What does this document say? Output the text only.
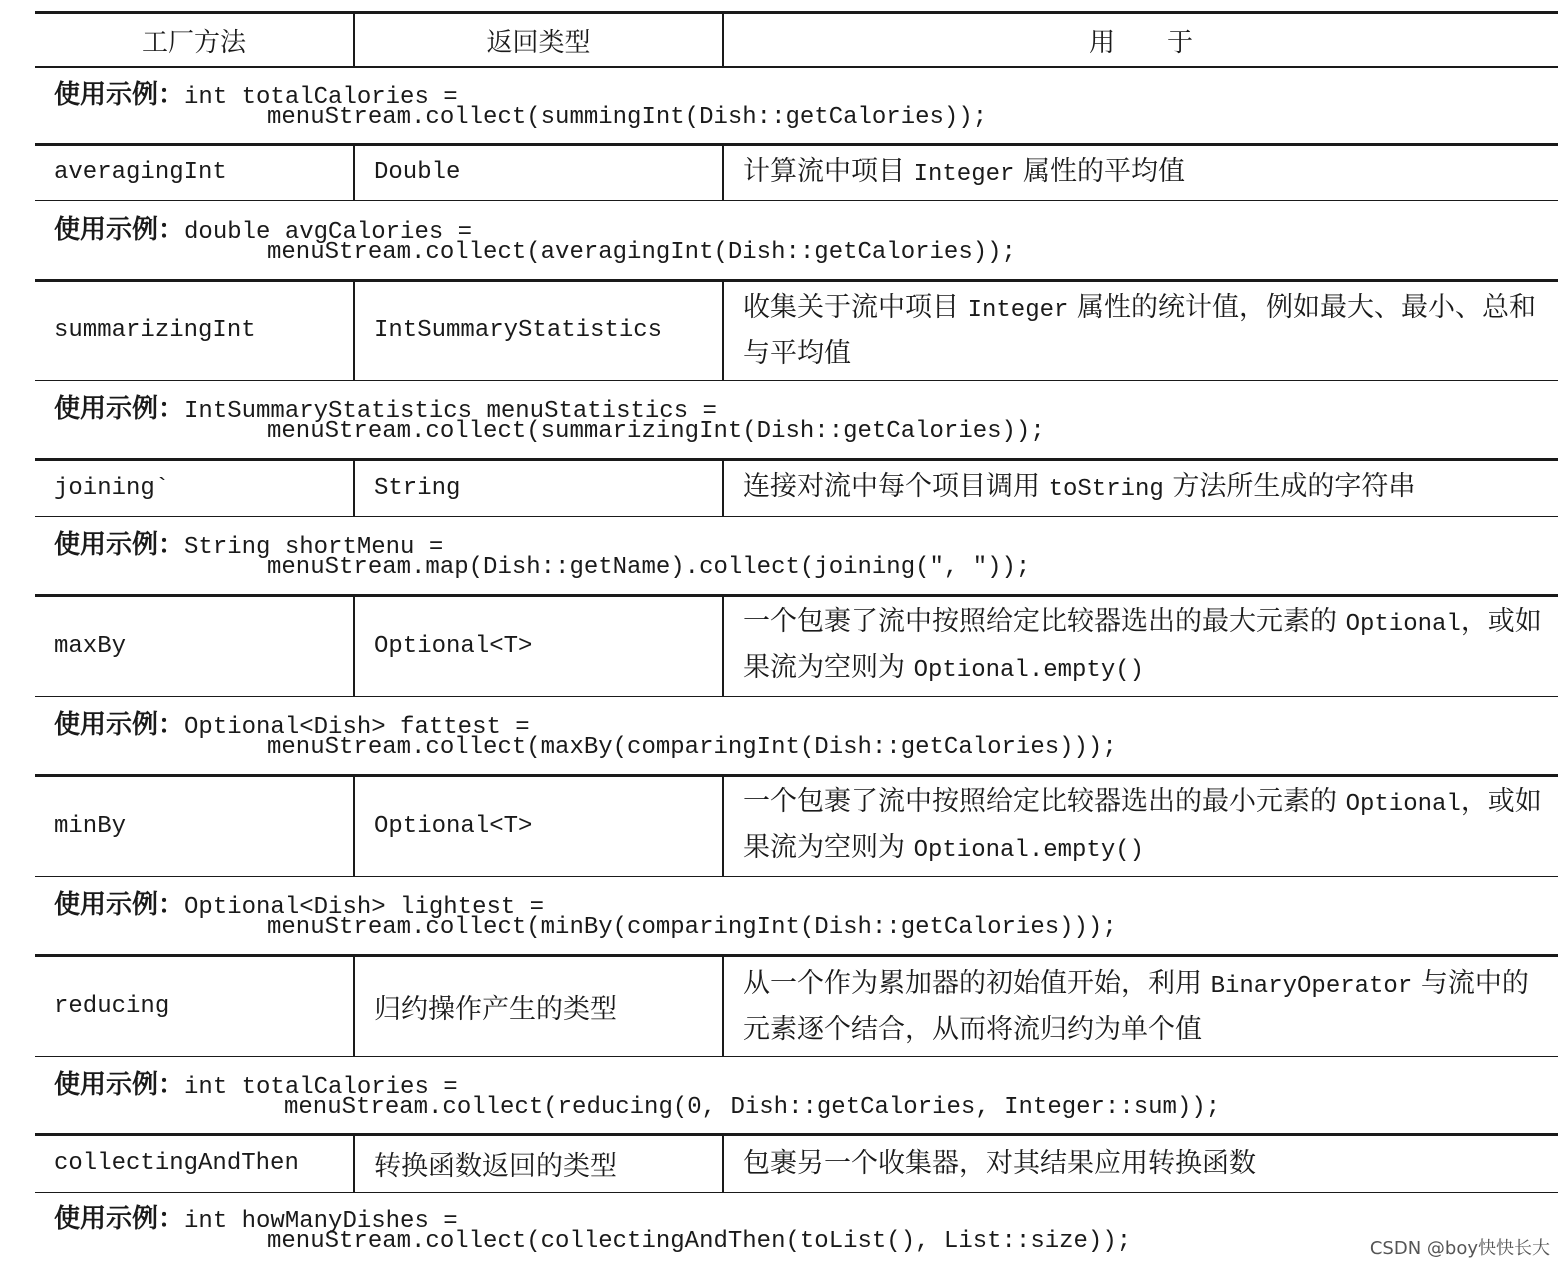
工厂方法	返回类型	用　　于

使用示例：int totalCalories =
menuStream.collect(summingInt(Dish::getCalories));		

averagingInt	Double	计算流中项目 Integer 属性的平均值

使用示例：double avgCalories =
menuStream.collect(averagingInt(Dish::getCalories));		

summarizingInt	IntSummaryStatistics	收集关于流中项目 Integer 属性的统计值，例如最大、最小、总和与平均值

使用示例：IntSummaryStatistics menuStatistics =
menuStream.collect(summarizingInt(Dish::getCalories));		

joining`	String	连接对流中每个项目调用 toString 方法所生成的字符串

使用示例：String shortMenu =
menuStream.map(Dish::getName).collect(joining(", "));		

maxBy	Optional<T>	一个包裹了流中按照给定比较器选出的最大元素的 Optional，或如果流为空则为 Optional.empty()

使用示例：Optional<Dish> fattest =
menuStream.collect(maxBy(comparingInt(Dish::getCalories)));		

minBy	Optional<T>	一个包裹了流中按照给定比较器选出的最小元素的 Optional，或如果流为空则为 Optional.empty()

使用示例：Optional<Dish> lightest =
menuStream.collect(minBy(comparingInt(Dish::getCalories)));		

reducing	归约操作产生的类型	从一个作为累加器的初始值开始，利用 BinaryOperator 与流中的元素逐个结合，从而将流归约为单个值

使用示例：int totalCalories =
menuStream.collect(reducing(0, Dish::getCalories, Integer::sum));		

collectingAndThen	转换函数返回的类型	包裹另一个收集器，对其结果应用转换函数

使用示例：int howManyDishes =
menuStream.collect(collectingAndThen(toList(), List::size));			CSDN @boy快快长大
